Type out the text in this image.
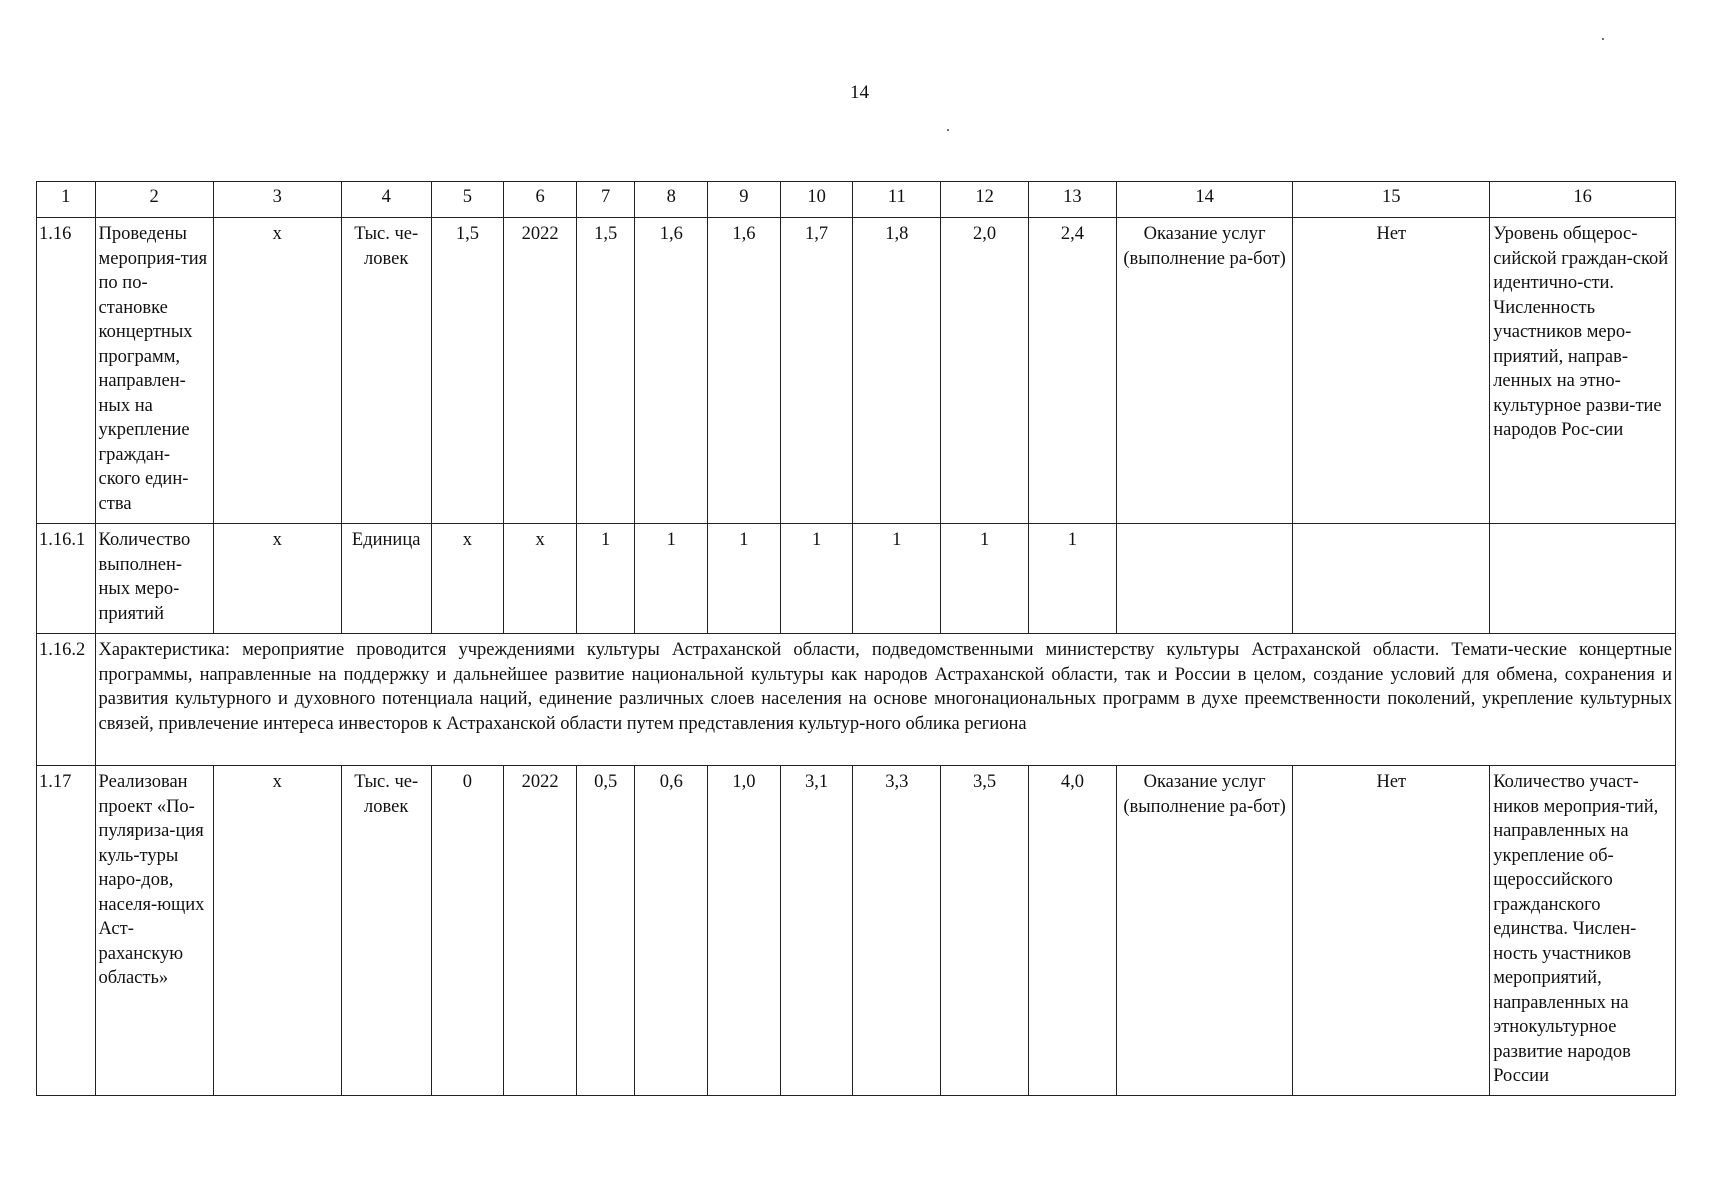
14
1	2	3	4	5	6	7	8	9	10	11	12	13	14	15	16
1.16	Проведены мероприя-тия по по-становке концертных программ, направлен-ных на укрепление граждан-ского един-ства	х	Тыс. че-ловек	1,5	2022	1,5	1,6	1,6	1,7	1,8	2,0	2,4	Оказание услуг (выполнение ра-бот)	Нет	Уровень общерос-сийской граждан-ской идентично-сти. Численность участников меро-приятий, направ-ленных на этно-культурное разви-тие народов Рос-сии
1.16.1	Количество выполнен-ных меро-приятий	х	Единица	х	х	1	1	1	1	1	1	1			
1.16.2	Характеристика: мероприятие проводится учреждениями культуры Астраханской области, подведомственными министерству культуры Астраханской области. Темати-ческие концертные программы, направленные на поддержку и дальнейшее развитие национальной культуры как народов Астраханской области, так и России в целом, создание условий для обмена, сохранения и развития культурного и духовного потенциала наций, единение различных слоев населения на основе многонациональных программ в духе преемственности поколений, укрепление культурных связей, привлечение интереса инвесторов к Астраханской области путем представления культур-ного облика региона														
1.17	Реализован проект «По-пуляриза-ция куль-туры наро-дов, населя-ющих Аст-раханскую область»	х	Тыс. че-ловек	0	2022	0,5	0,6	1,0	3,1	3,3	3,5	4,0	Оказание услуг (выполнение ра-бот)	Нет	Количество участ-ников мероприя-тий, направленных на укрепление об-щероссийского гражданского единства. Числен-ность участников мероприятий, направленных на этнокультурное развитие народов России
